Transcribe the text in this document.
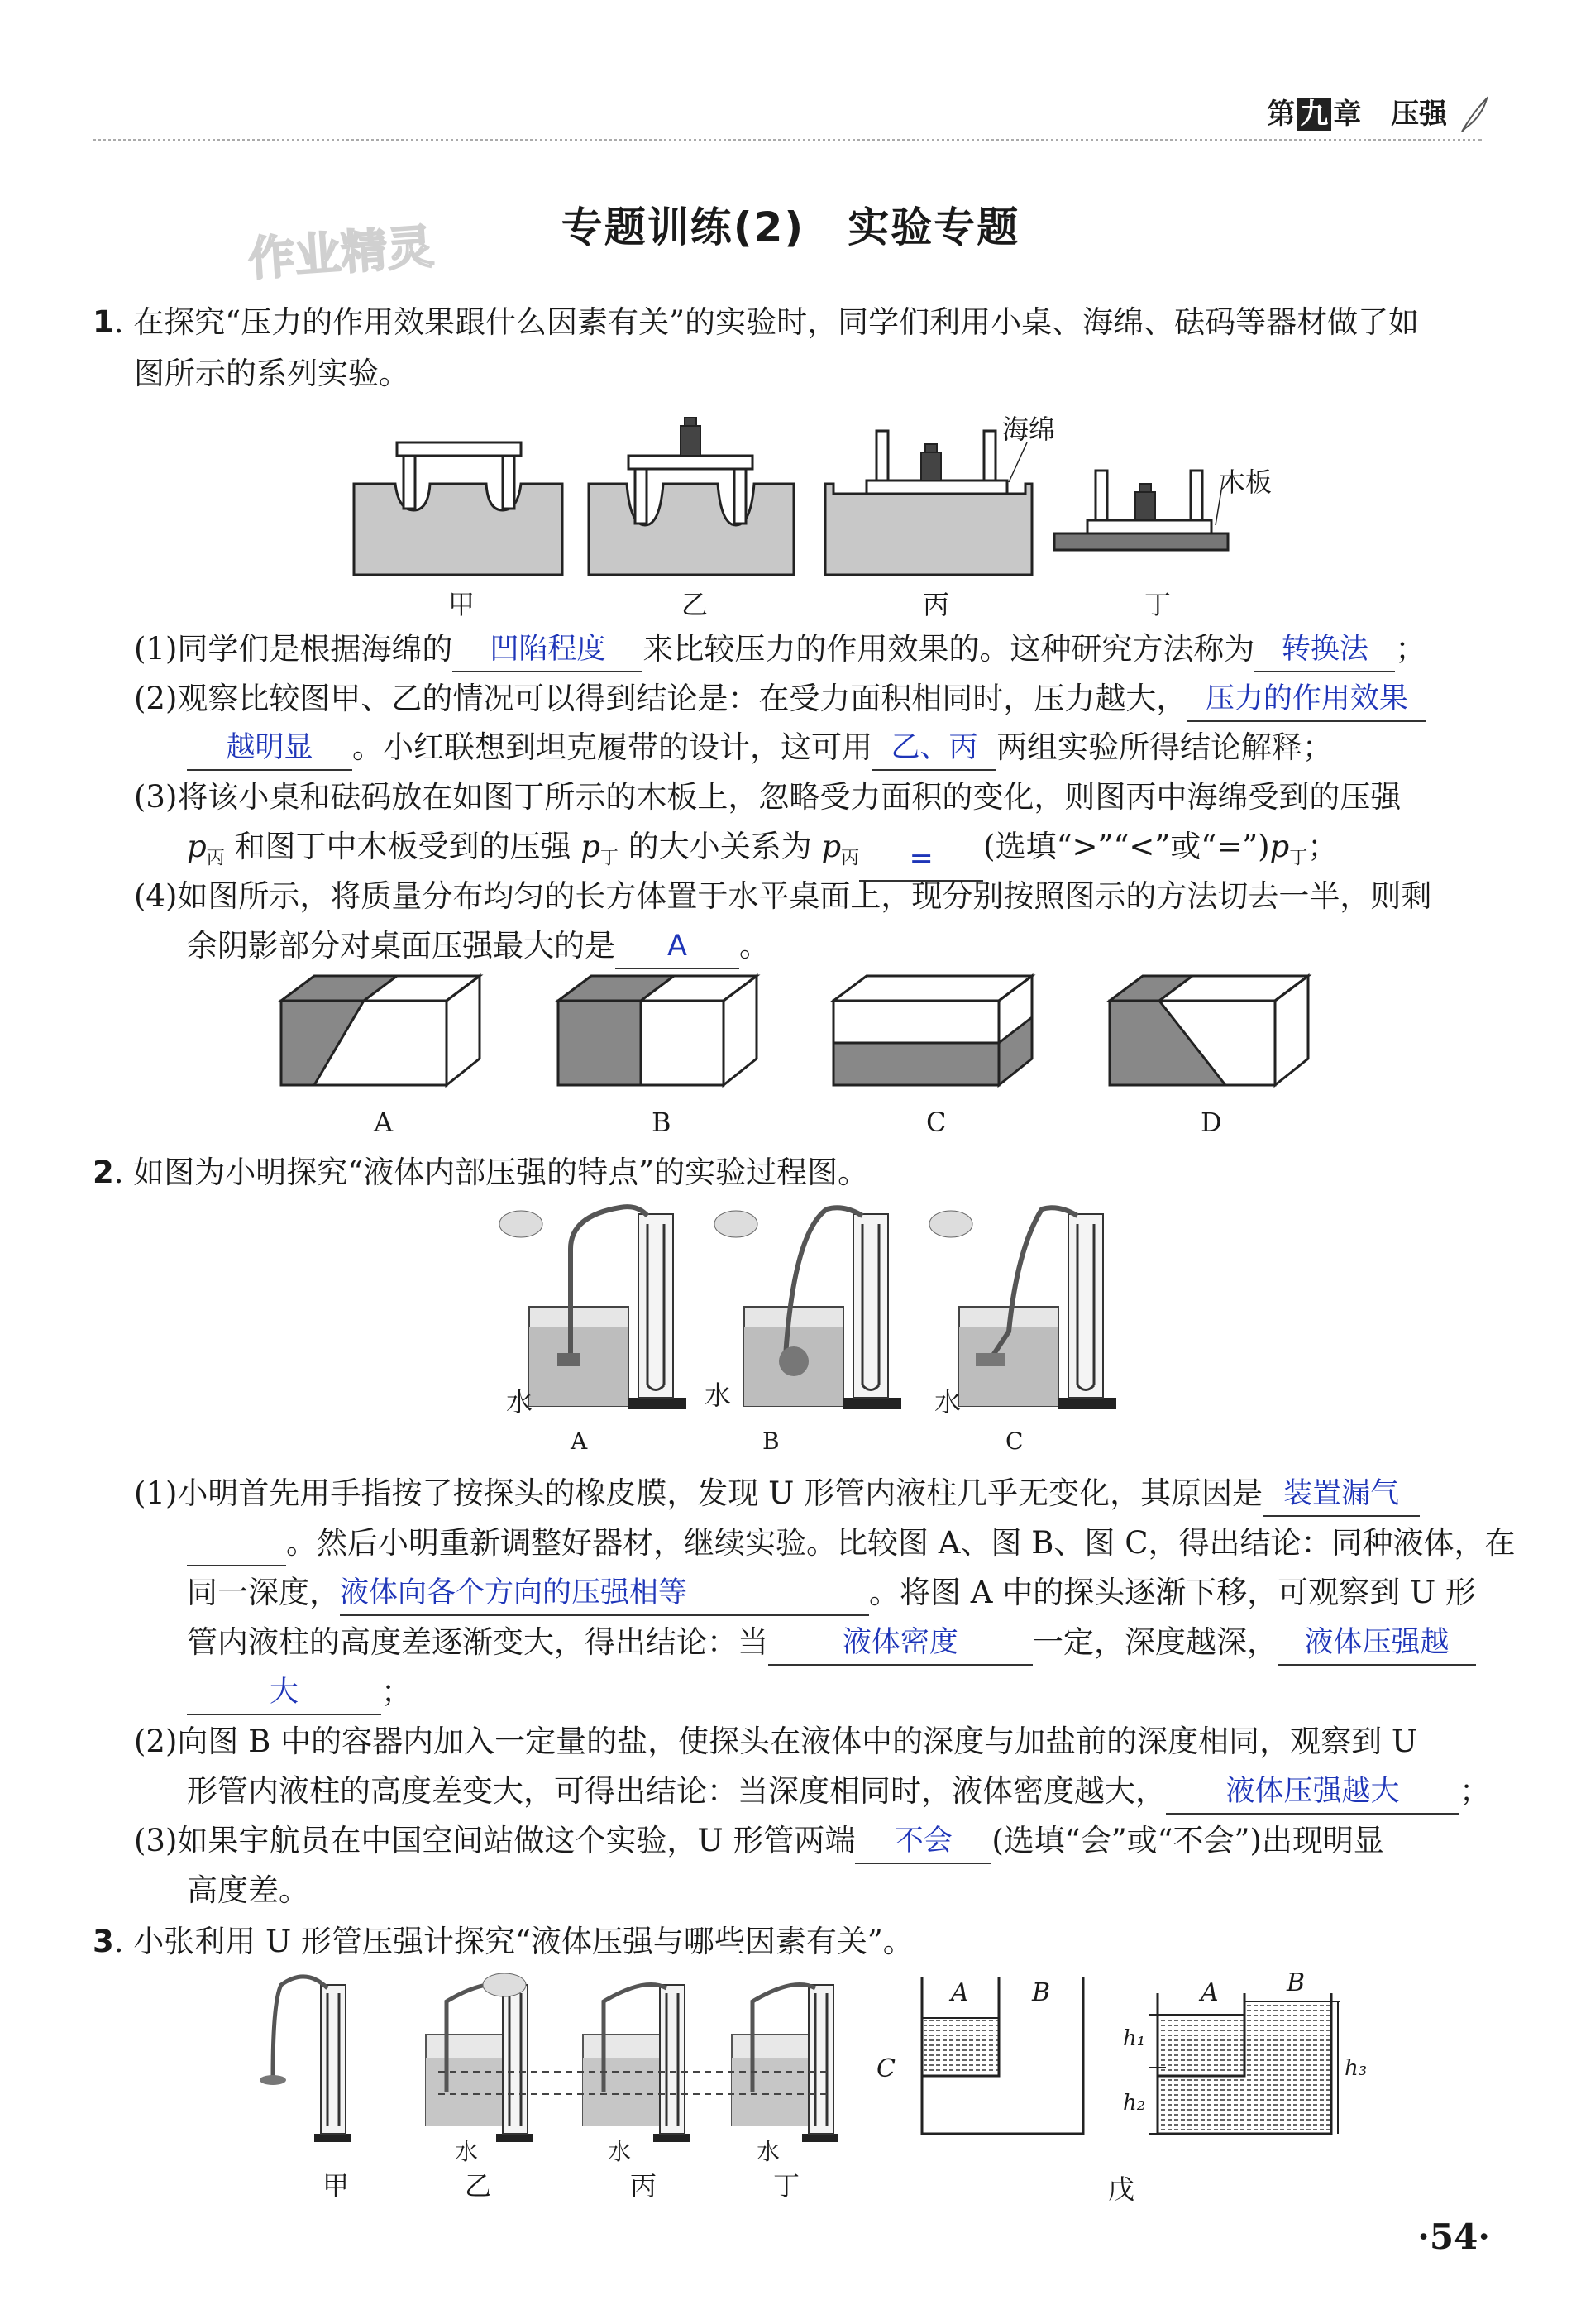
第 九 章 压强
作业精灵	专题训练(2)　实验专题
1. 在探究“压力的作用效果跟什么因素有关”的实验时，同学们利用小桌、海绵、砝码等器材做了如
图所示的系列实验。
海绵
木板
甲	乙	丙	丁
(1)同学们是根据海绵的	凹陷程度	来比较压力的作用效果的。这种研究方法称为 转换法 ；
(2)观察比较图甲、乙的情况可以得到结论是：在受力面积相同时，压力越大， 压力的作用效果
越明显	。小红联想到坦克履带的设计，这可用 乙、丙 两组实验所得结论解释；
(3)将该小桌和砝码放在如图丁所示的木板上，忽略受力面积的变化，则图丙中海绵受到的压强
$p_丙$ 和图丁中木板受到的压强 $p_丁$ 的大小关系为 $p_丙$	=	(选填“>”“<”或“$=”)p_丁$；
(4)如图所示，将质量分布均匀的长方体置于水平桌面上，现分别按照图示的方法切去一半，则剩
余阴影部分对桌面压强最大的是	A	。
A	B	C	D
2. 如图为小明探究“液体内部压强的特点”的实验过程图。
水	水	水
A	B	C
(1)小明首先用手指按了按探头的橡皮膜，发现 U 形管内液柱几乎无变化，其原因是 装置漏气
。然后小明重新调整好器材，继续实验。比较图 A、图 B、图 C，得出结论：同种液体，在
同一深度， 液体向各个方向的压强相等	。将图 A 中的探头逐渐下移，可观察到 U 形
管内液柱的高度差逐渐变大，得出结论：当	液体密度	一定，深度越深， 液体压强越
大	；
(2)向图 B 中的容器内加入一定量的盐，使探头在液体中的深度与加盐前的深度相同，观察到 U
形管内液柱的高度差变大，可得出结论：当深度相同时，液体密度越大，	液体压强越大	；
(3)如果宇航员在中国空间站做这个实验，U 形管两端	不会	(选填“会”或“不会”)出现明显
高度差。
3. 小张利用 U 形管压强计探究“液体压强与哪些因素有关”。
A	B
C
A	B
h₁
h₂
h₃
水	水	水
甲	乙	丙	丁	戊
·54·
